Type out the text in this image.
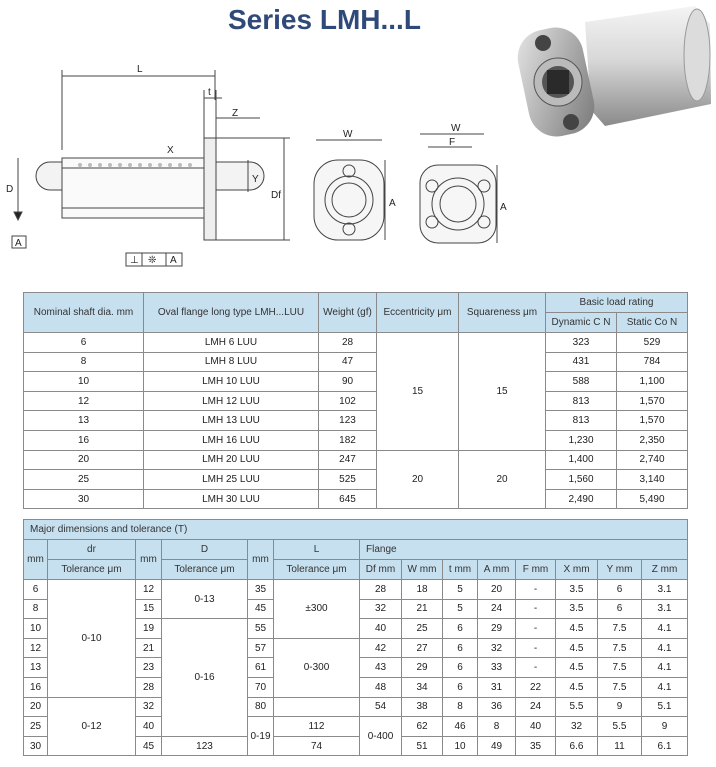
Series LMH...L
L
t
Z
X
Y
D
Df
A
⊥ ❊ A
W
A
W
F
A
Nominal shaft dia. mm	Oval flange long type LMH...LUU	Weight (gf)	Eccentricity μm	Squareness μm	Basic load rating	
					Dynamic C N	Static Co N
6	LMH 6 LUU	28	15	15	323	529
8	LMH 8 LUU	47			431	784
10	LMH 10 LUU	90			588	1,100
12	LMH 12 LUU	102			813	1,570
13	LMH 13 LUU	123			813	1,570
16	LMH 16 LUU	182			1,230	2,350
20	LMH 20 LUU	247	20	20	1,400	2,740
25	LMH 25 LUU	525			1,560	3,140
30	LMH 30 LUU	645			2,490	5,490
Major dimensions and tolerance (T)														
mm	dr	mm	D	mm	L	Flange								
	Tolerance μm		Tolerance μm		Tolerance μm	Df mm	W mm	t mm	A mm	F mm	X mm	Y mm	Z mm	
6	0-10	12	0-13	35	±300	28	18	5	20	-	3.5	6	3.1	
8		15		45		32	21	5	24	-	3.5	6	3.1	
10		19	0-16	55		40	25	6	29	-	4.5	7.5	4.1	
12		21		57	0-300	42	27	6	32	-	4.5	7.5	4.1	
13		23		61		43	29	6	33	-	4.5	7.5	4.1	
16		28		70		48	34	6	31	22	4.5	7.5	4.1	
20	0-12	32		80		54	38	8	36	24	5.5	9	5.1	
25		40		0-19	112	0-400	62	46	8	40	32	5.5	9	
30		45	123		74		51	10	49	35	6.6	11	6.1	
